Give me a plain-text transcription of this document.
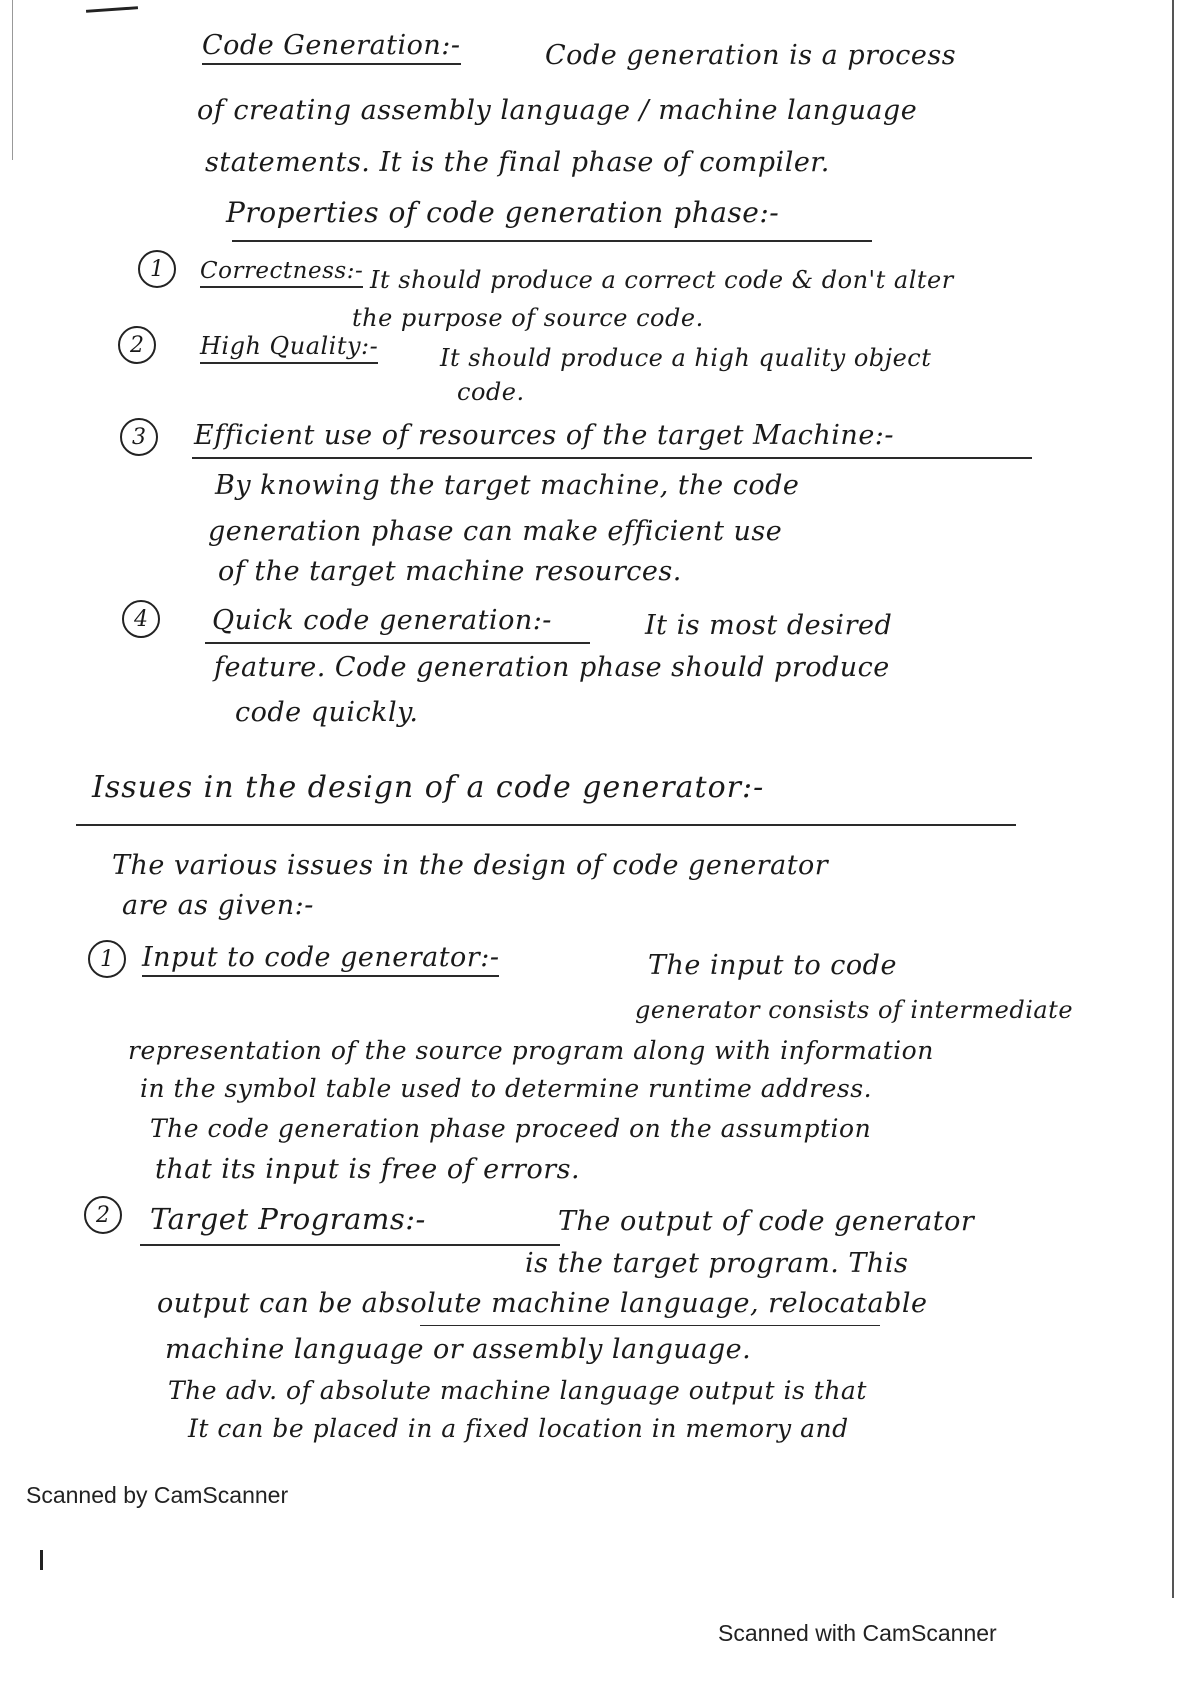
Code Generation:-	Code generation is a process
of creating assembly language / machine language
statements. It is the final phase of compiler.
Properties of code generation phase:-
1	Correctness:- It should produce a correct code & don't alter
the purpose of source code.
2	High Quality:-	It should produce a high quality object
code.
3	Efficient use of resources of the target Machine:-
By knowing the target machine, the code
generation phase can make efficient use
of the target machine resources.
4	Quick code generation:-	It is most desired
feature. Code generation phase should produce
code quickly.
Issues in the design of a code generator:-
The various issues in the design of code generator
are as given:-
1	Input to code generator:-	The input to code
generator consists of intermediate
representation of the source program along with information
in the symbol table used to determine runtime address.
The code generation phase proceed on the assumption
that its input is free of errors.
2	Target Programs:-	The output of code generator
is the target program. This
output can be absolute machine language, relocatable
machine language or assembly language.
The adv. of absolute machine language output is that
It can be placed in a fixed location in memory and
Scanned by CamScanner
Scanned with CamScanner
